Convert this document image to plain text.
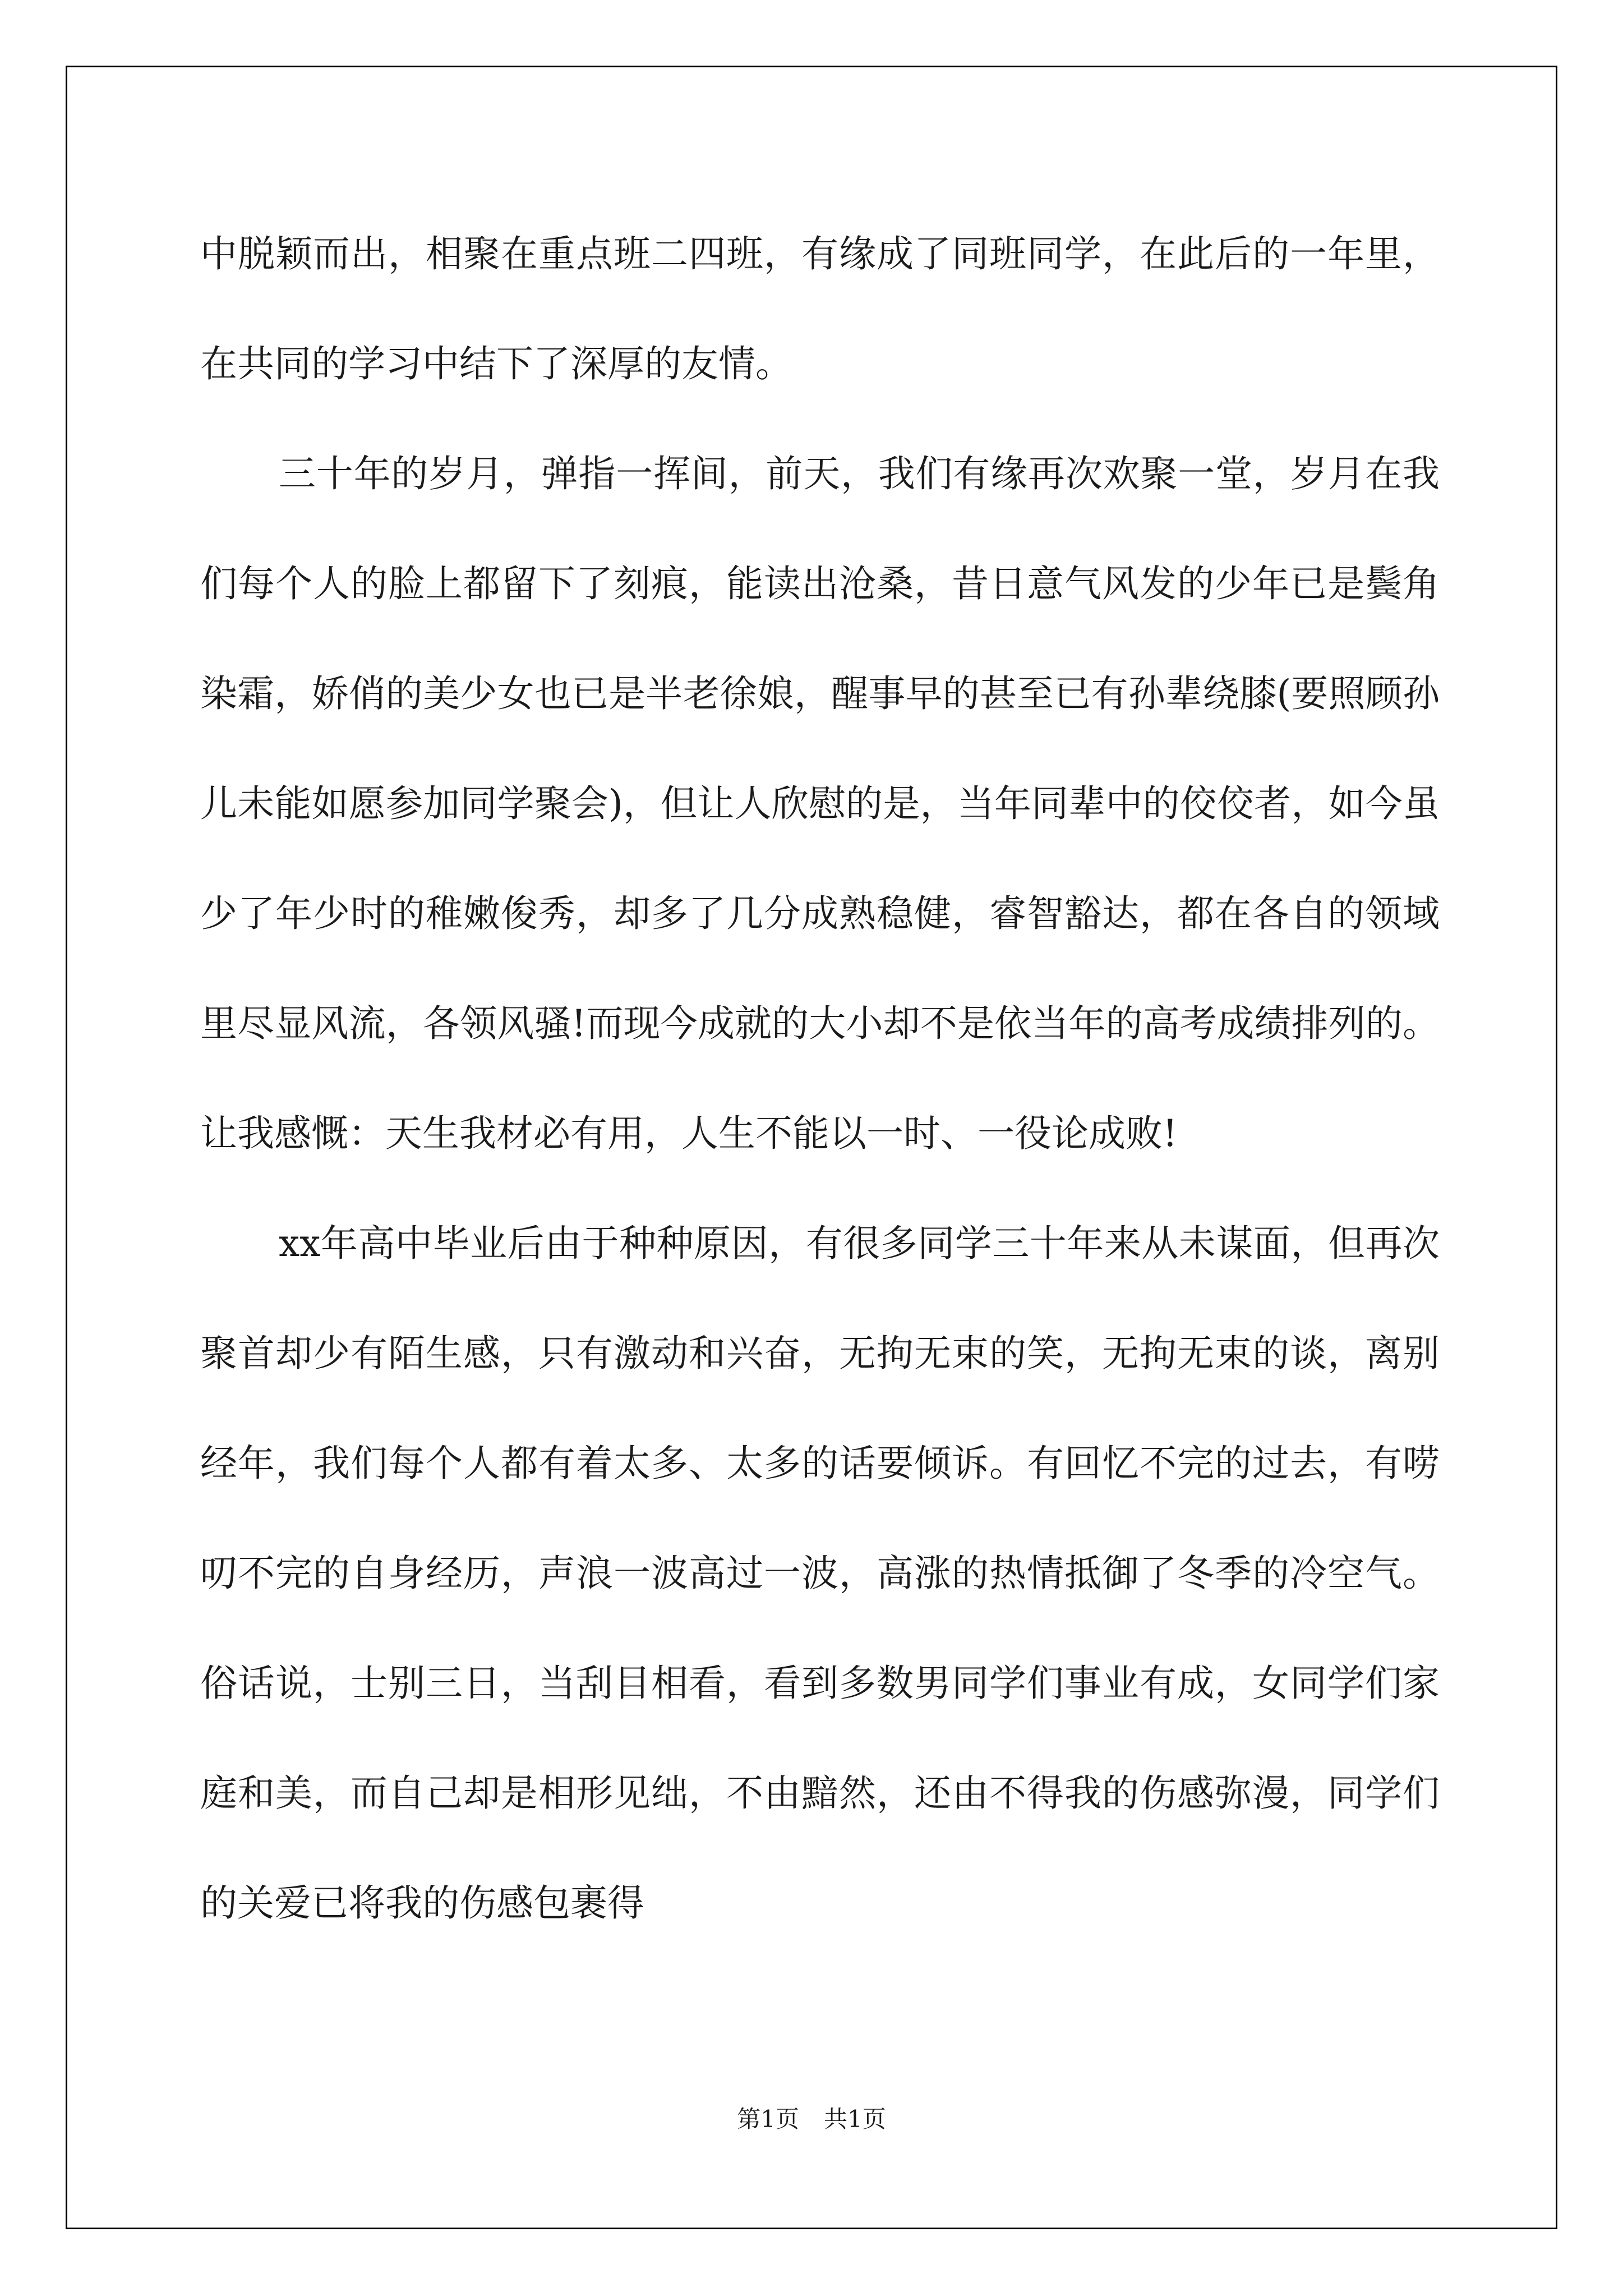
中脱颖而出，相聚在重点班二四班，有缘成了同班同学，在此后的一年里，在共同的学习中结下了深厚的友情。

三十年的岁月，弹指一挥间，前天，我们有缘再次欢聚一堂，岁月在我们每个人的脸上都留下了刻痕，能读出沧桑，昔日意气风发的少年已是鬓角染霜，娇俏的美少女也已是半老徐娘，醒事早的甚至已有孙辈绕膝(要照顾孙儿未能如愿参加同学聚会)，但让人欣慰的是，当年同辈中的佼佼者，如今虽少了年少时的稚嫩俊秀，却多了几分成熟稳健，睿智豁达，都在各自的领域里尽显风流，各领风骚!而现今成就的大小却不是依当年的高考成绩排列的。让我感慨：天生我材必有用，人生不能以一时、一役论成败!

xx年高中毕业后由于种种原因，有很多同学三十年来从未谋面，但再次聚首却少有陌生感，只有激动和兴奋，无拘无束的笑，无拘无束的谈，离别经年，我们每个人都有着太多、太多的话要倾诉。有回忆不完的过去，有唠叨不完的自身经历，声浪一波高过一波，高涨的热情抵御了冬季的冷空气。俗话说，士别三日，当刮目相看，看到多数男同学们事业有成，女同学们家庭和美，而自己却是相形见绌，不由黯然，还由不得我的伤感弥漫，同学们的关爱已将我的伤感包裹得

第1页 共1页
